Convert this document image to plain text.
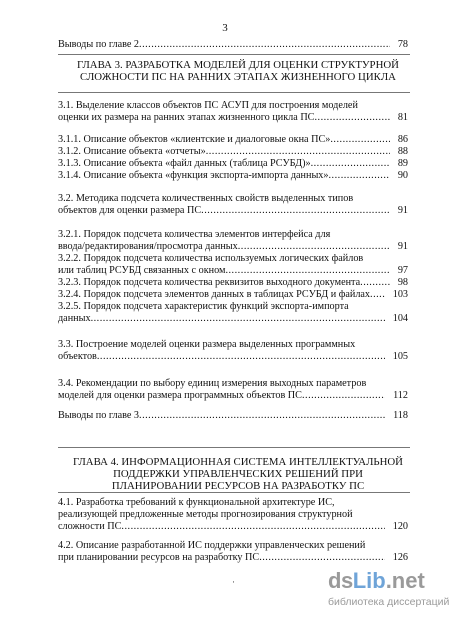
3
ГЛАВА 3. РАЗРАБОТКА МОДЕЛЕЙ ДЛЯ ОЦЕНКИ СТРУКТУРНОЙ
СЛОЖНОСТИ ПС НА РАННИХ ЭТАПАХ ЖИЗНЕННОГО ЦИКЛА
ГЛАВА 4. ИНФОРМАЦИОННАЯ СИСТЕМА ИНТЕЛЛЕКТУАЛЬНОЙ
ПОДДЕРЖКИ УПРАВЛЕНЧЕСКИХ РЕШЕНИЙ ПРИ
ПЛАНИРОВАНИИ РЕСУРСОВ НА РАЗРАБОТКУ ПС
Выводы по главе 2 .....	78
3.1. Выделение классов объектов ПС АСУП для построения моделей
оценки их размера на ранних этапах жизненного цикла ПС .....	81
3.1.1. Описание объектов «клиентские и диалоговые окна ПС» .....	86
3.1.2. Описание объекта «отчеты» .....	88
3.1.3. Описание объекта «файл данных (таблица РСУБД)» .....	89
3.1.4. Описание объекта «функция экспорта-импорта данных» .....	90
3.2. Методика подсчета количественных свойств выделенных типов
объектов для оценки размера ПС .....	91
3.2.1. Порядок подсчета количества элементов интерфейса для
ввода/редактирования/просмотра данных .....	91
3.2.2. Порядок подсчета количества используемых логических файлов
или таблиц РСУБД связанных с окном .....	97
3.2.3. Порядок подсчета количества реквизитов выходного документа .....	98
3.2.4. Порядок подсчета элементов данных в таблицах РСУБД и файлах .....	103
3.2.5. Порядок подсчета характеристик функций экспорта-импорта
данных .....	104
3.3. Построение моделей оценки размера выделенных программных
объектов .....	105
3.4. Рекомендации по выбору единиц измерения выходных параметров
моделей для оценки размера программных объектов ПС .....	112
Выводы по главе 3 .....	118
4.1. Разработка требований к функциональной архитектуре ИС,
реализующей предложенные методы прогнозирования структурной
сложности ПС .....	120
4.2. Описание разработанной ИС поддержки управленческих решений
при планировании ресурсов на разработку ПС .....	126
·	ds Lib .net
библиотека диссертаций
